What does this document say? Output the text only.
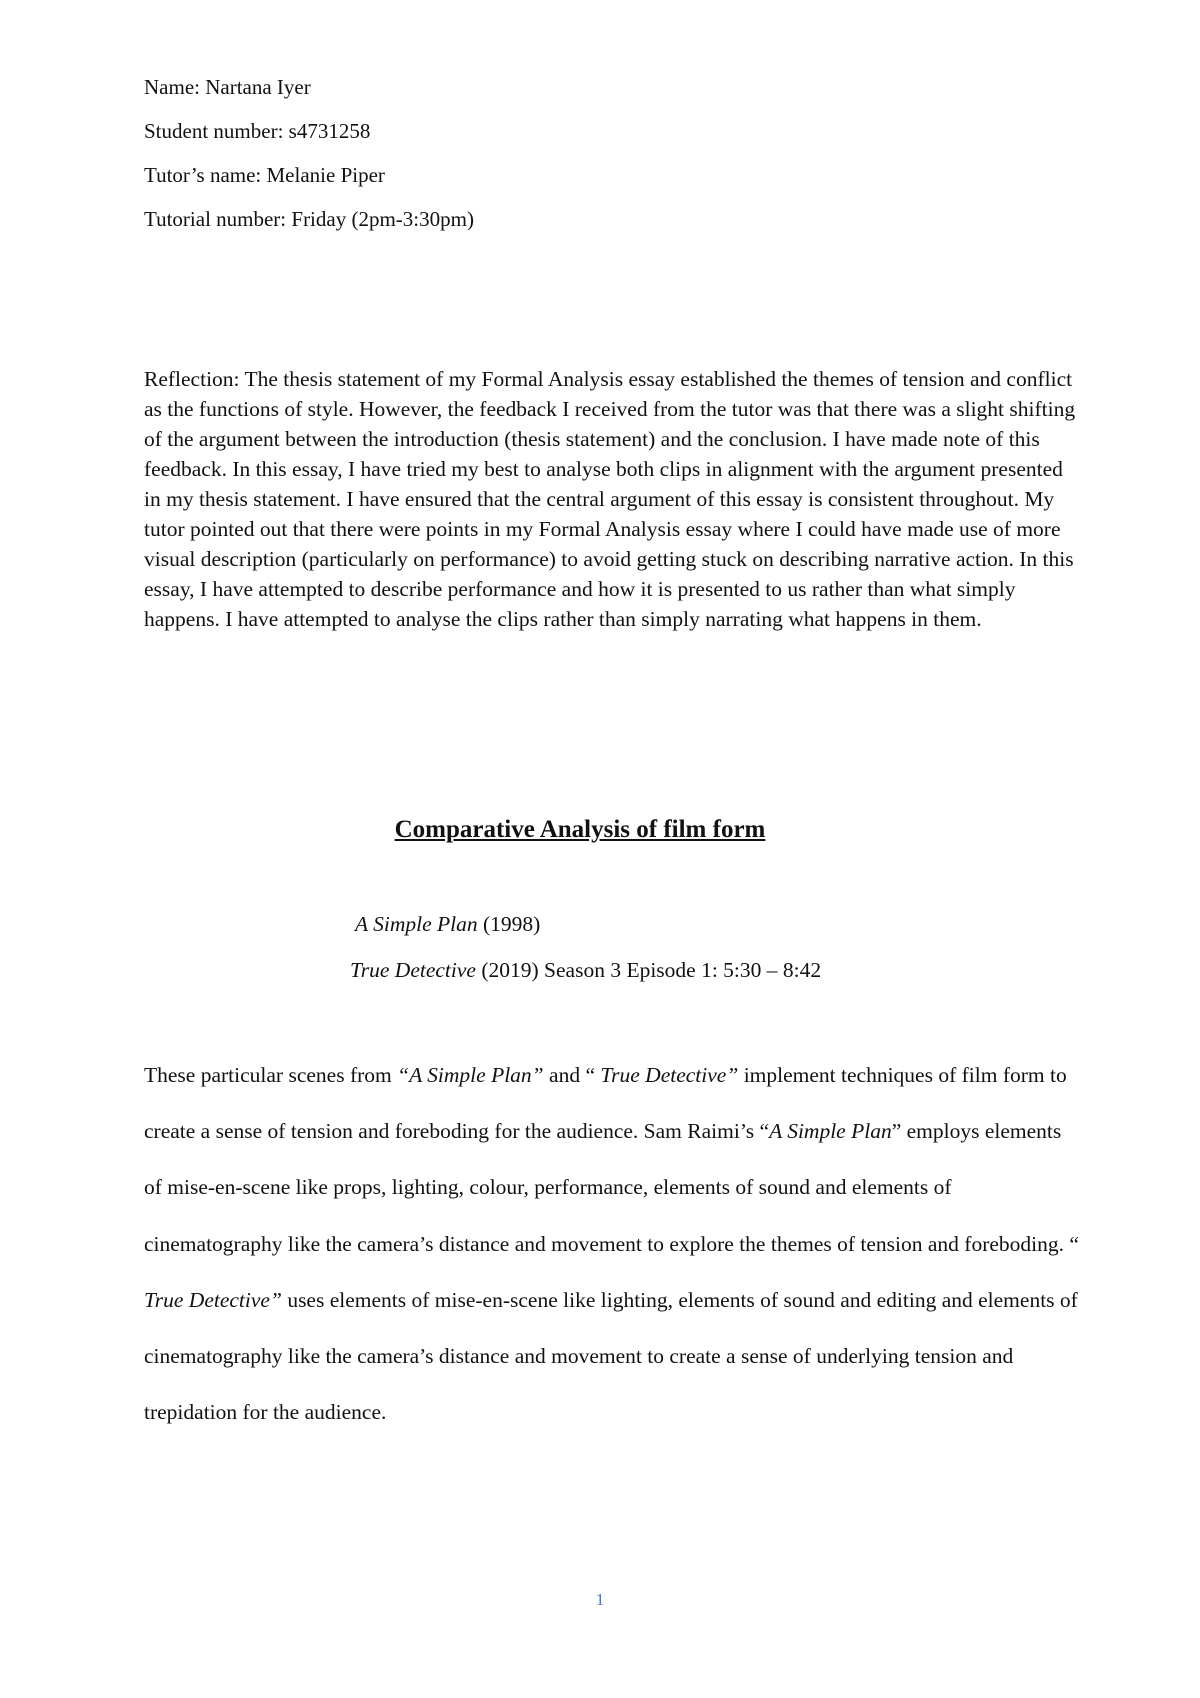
Name: Nartana Iyer
Student number: s4731258
Tutor’s name: Melanie Piper
Tutorial number: Friday (2pm-3:30pm)

Reflection: The thesis statement of my Formal Analysis essay established the themes of tension and conflict as the functions of style. However, the feedback I received from the tutor was that there was a slight shifting of the argument between the introduction (thesis statement) and the conclusion. I have made note of this feedback. In this essay, I have tried my best to analyse both clips in alignment with the argument presented in my thesis statement. I have ensured that the central argument of this essay is consistent throughout. My tutor pointed out that there were points in my Formal Analysis essay where I could have made use of more visual description (particularly on performance) to avoid getting stuck on describing narrative action. In this essay, I have attempted to describe performance and how it is presented to us rather than what simply happens. I have attempted to analyse the clips rather than simply narrating what happens in them.

Comparative Analysis of film form
A Simple Plan (1998)
True Detective (2019) Season 3 Episode 1: 5:30 – 8:42

These particular scenes from “A Simple Plan” and “ True Detective” implement techniques of film form to create a sense of tension and foreboding for the audience. Sam Raimi’s “A Simple Plan” employs elements of mise-en-scene like props, lighting, colour, performance, elements of sound and elements of cinematography like the camera’s distance and movement to explore the themes of tension and foreboding. “ True Detective” uses elements of mise-en-scene like lighting, elements of sound and editing and elements of cinematography like the camera’s distance and movement to create a sense of underlying tension and trepidation for the audience.

1
